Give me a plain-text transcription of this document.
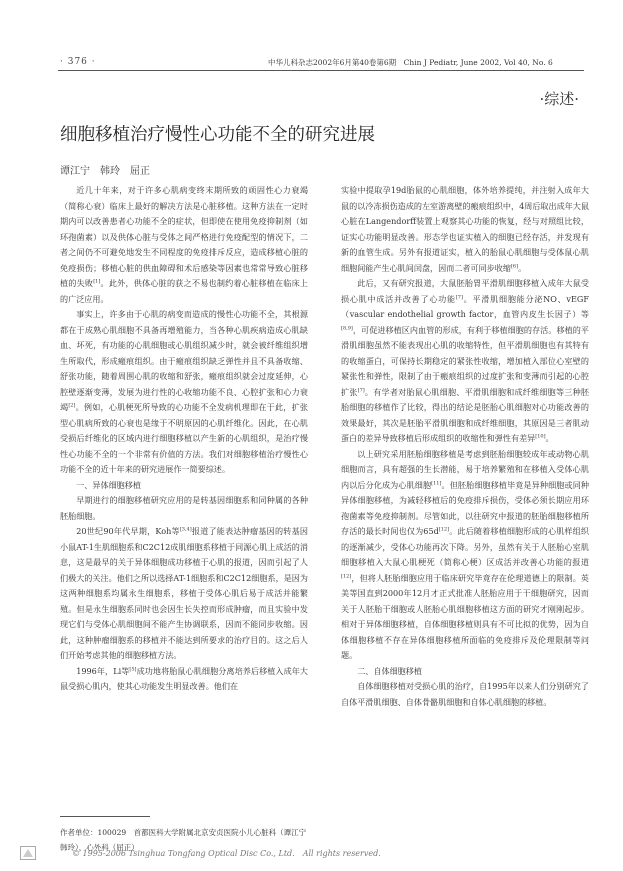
· 376 ·	中华儿科杂志2002年6月第40卷第6期　Chin J Pediatr, June 2002, Vol 40, No. 6
·综述·
细胞移植治疗慢性心功能不全的研究进展
谭江宁　韩玲　屈正

近几十年来，对于许多心肌病变终末期所致的顽固性心力衰竭（简称心衰）临床上最好的解决方法是心脏移植。这种方法在一定时期内可以改善患者心功能不全的症状，但即使在使用免疫抑制剂（如环孢菌素）以及供体心脏与受体之间严格进行免疫配型的情况下，二者之间仍不可避免地发生不同程度的免疫排斥反应，造成移植心脏的免疫损伤；移植心脏的供血障碍和术后感染等因素也常常导致心脏移植的失败[1]。此外，供体心脏的获之不易也制约着心脏移植在临床上的广泛应用。

事实上，许多由于心肌的病变而造成的慢性心功能不全，其根源都在于成熟心肌细胞不具备再增殖能力，当各种心肌疾病造成心肌缺血、坏死，有功能的心肌细胞或心肌组织减少时，就会被纤维组织增生所取代，形成瘢痕组织。由于瘢痕组织缺乏弹性并且不具备收缩、舒张功能，随着周围心肌的收缩和舒张，瘢痕组织就会过度延伸，心腔壁逐渐变薄，发展为进行性的心收缩功能不良、心腔扩张和心力衰竭[2]。例如，心肌梗死所导致的心功能不全发病机理即在于此，扩张型心肌病所致的心衰也是缘于不明原因的心肌纤维化。因此，在心肌受损后纤维化的区域内进行细胞移植以产生新的心肌组织，是治疗慢性心功能不全的一个非常有价值的方法。我们对细胞移植治疗慢性心功能不全的近十年来的研究进展作一简要综述。

一、异体细胞移植

早期进行的细胞移植研究应用的是转基因细胞系和同种属的各种胚胎细胞。

20世纪90年代早期，Koh等[3,4]报道了能表达肿瘤基因的转基因小鼠AT-1生肌细胞系和C2C12成肌细胞系移植于同源心肌上成活的消息，这是最早的关于异体细胞成功移植于心肌的报道，因而引起了人们极大的关注。他们之所以选择AT-1细胞系和C2C12细胞系，是因为这两种细胞系均属永生细胞系，移植于受体心肌后易于成活并能繁殖。但是永生细胞系同时也会因生长失控而形成肿瘤，而且实验中发现它们与受体心肌细胞间不能产生协调联系，因而不能同步收缩。因此，这种肿瘤细胞系的移植并不能达到所要求的治疗目的。这之后人们开始考虑其他的细胞移植方法。

1996年，Li等[5]成功地将胎鼠心肌细胞分离培养后移植入成年大鼠受损心肌内，使其心功能发生明显改善。他们在

实验中提取孕19d胎鼠的心肌细胞，体外培养提纯，并注射入成年大鼠的以冷冻损伤造成的左室游离壁的瘢痕组织中，4周后取出成年大鼠心脏在Langendorff装置上观察其心功能的恢复，经与对照组比较，证实心功能明显改善。形态学也证实植入的细胞已经存活，并发现有新的血管生成。另外有报道证实，植入的胎鼠心肌细胞与受体鼠心肌细胞间能产生心肌间闰盘，因而二者可同步收缩[6]。

此后，又有研究报道，大鼠胚胎胃平滑肌细胞移植入成年大鼠受损心肌中成活并改善了心功能[7]。平滑肌细胞能分泌NO、vEGF（vascular endothelial growth factor，血管内皮生长因子）等[8,9]，可促进移植区内血管的形成，有利于移植细胞的存活。移植的平滑肌细胞虽然不能表现出心肌的收缩特性，但平滑肌细胞也有其特有的收缩蛋白，可保持长期稳定的紧张性收缩，增加植入部位心室壁的紧张性和弹性，限制了由于瘢痕组织的过度扩张和变薄而引起的心腔扩张[7]。有学者对胎鼠心肌细胞、平滑肌细胞和成纤维细胞等三种胚胎细胞的移植作了比较，得出的结论是胚胎心肌细胞对心功能改善的效果最好，其次是胚胎平滑肌细胞和成纤维细胞，其原因是三者肌动蛋白的差异导致移植后形成组织的收缩性和弹性有差异[10]。

以上研究采用胚胎细胞移植是考虑到胚胎细胞较成年或动物心肌细胞而言，具有超强的生长潜能，易于培养繁殖和在移植入受体心肌内以后分化成为心肌细胞[11]。但胚胎细胞移植毕竟是异种细胞或同种异体细胞移植，为减轻移植后的免疫排斥损伤，受体必须长期应用环孢菌素等免疫抑制剂。尽管如此，以往研究中报道的胚胎细胞移植所存活的最长时间也仅为65d[12]。此后随着移植细胞形成的心肌样组织的逐渐减少，受体心功能再次下降。另外，虽然有关于人胚胎心室肌细胞移植入大鼠心肌梗死（简称心梗）区成活并改善心功能的报道[12]，但将人胚胎细胞应用于临床研究毕竟存在伦理道德上的限制。英美等国直到2000年12月才正式批准人胚胎应用于干细胞研究，因而关于人胚胎干细胞或人胚胎心肌细胞移植这方面的研究才刚刚起步。相对于异体细胞移植，自体细胞移植则具有不可比拟的优势，因为自体细胞移植不存在异体细胞移植所面临的免疫排斥及伦理限制等问题。

二、自体细胞移植

自体细胞移植对受损心肌的治疗，自1995年以来人们分别研究了自体平滑肌细胞、自体骨骼肌细胞和自体心肌细胞的移植。

作者单位：100029　首都医科大学附属北京安贞医院小儿心脏科（谭江宁　韩玲），心外科（屈正）
© 1995-2006 Tsinghua Tongfang Optical Disc Co., Ltd.　All rights reserved.
